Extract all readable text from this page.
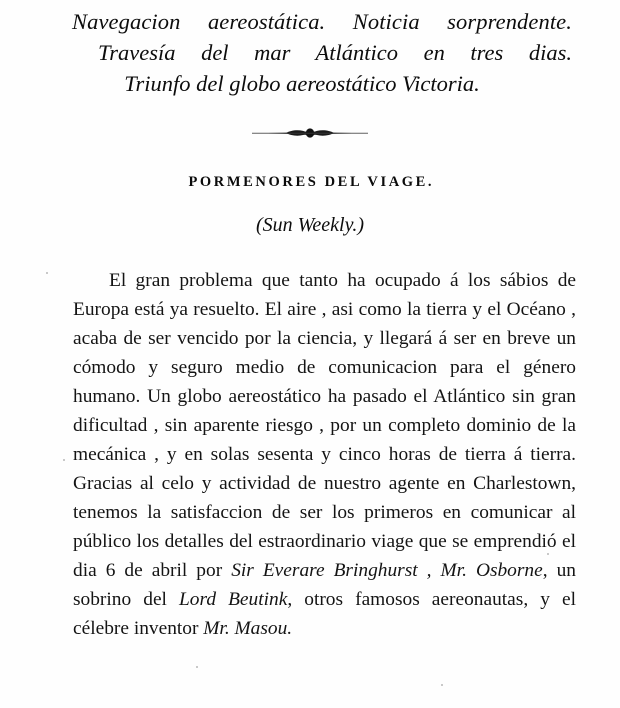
Navegacion aereostática. Noticia sorprendente.
Travesía del mar Atlántico en tres dias.
Triunfo del globo aereostático Victoria.
PORMENORES DEL VIAGE.
(Sun Weekly.)

El gran problema que tanto ha ocupado á los sábios de Europa está ya resuelto. El aire , asi como la tierra y el Océano , acaba de ser vencido por la ciencia, y llegará á ser en breve un cómodo y seguro medio de comunicacion para el género humano. Un globo aereostático ha pasado el Atlántico sin gran dificultad , sin aparente riesgo , por un completo dominio de la mecánica , y en solas sesenta y cinco horas de tierra á tierra. Gracias al celo y actividad de nuestro agente en Charlestown, tenemos la satisfaccion de ser los primeros en comunicar al público los detalles del estraordinario viage que se emprendió el dia 6 de abril por Sir Everare Bringhurst , Mr. Osborne, un sobrino del Lord Beutink, otros famosos aereonautas, y el célebre inventor Mr. Masou.
